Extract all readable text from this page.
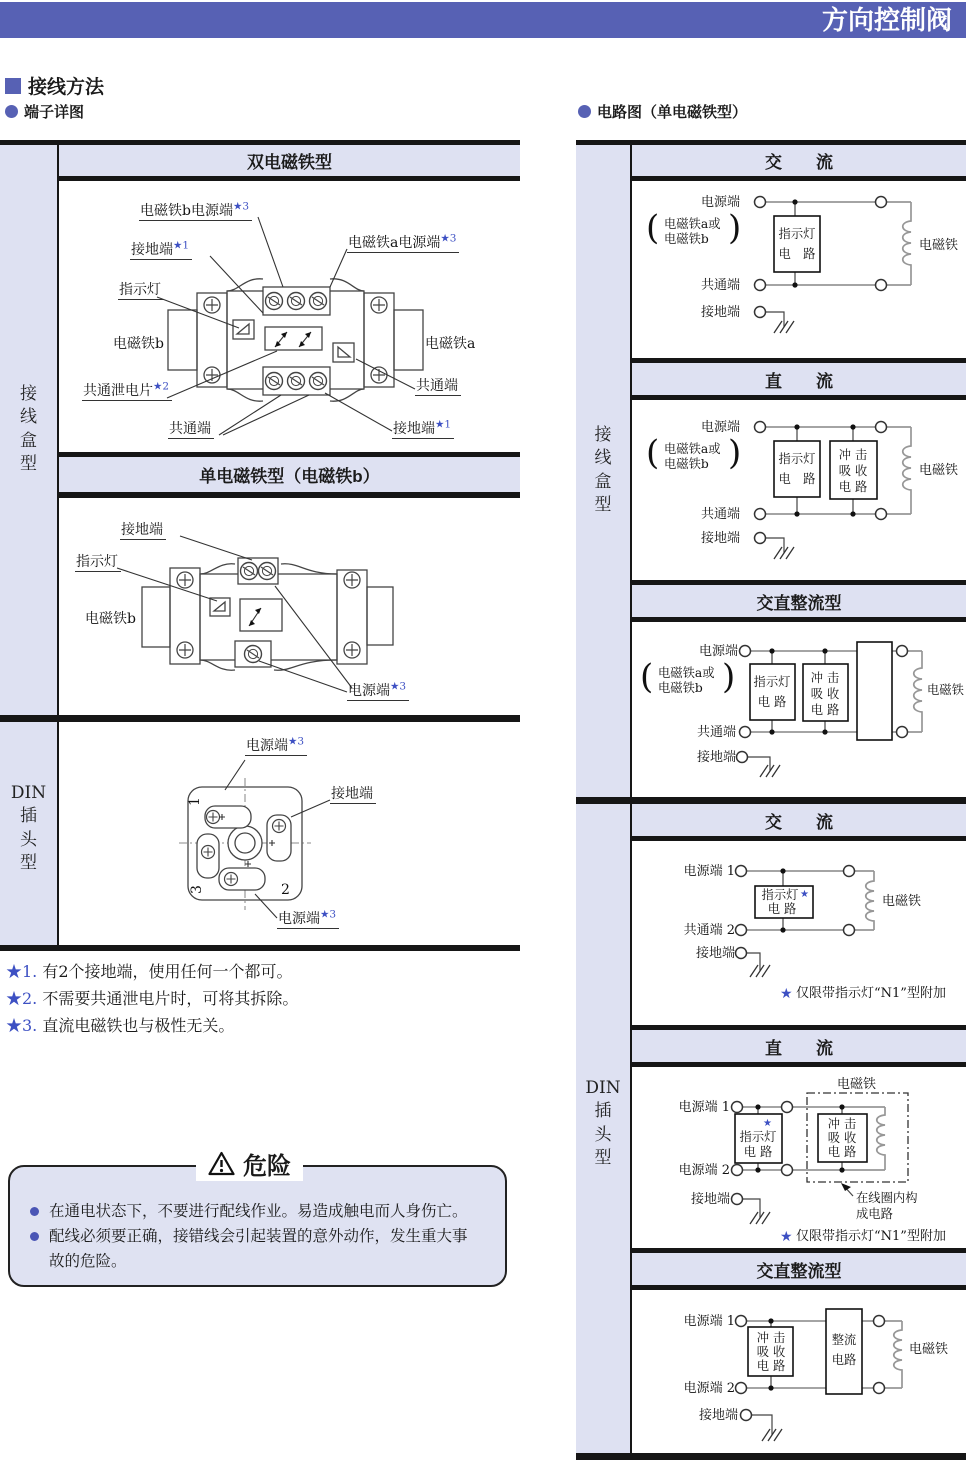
方向控制阀
接线方法
端子详图	电路图（单电磁铁型）
双电磁铁型
单电磁铁型（电磁铁b）
接
线
盒
型
DIN
插
头
型
电磁铁b电源端$^{★3}$
电磁铁a电源端$^{★3}$
接地端$^{★1}$
指示灯
电磁铁b	电磁铁a
共通泄电片$^{★2}$
共通端
共通端
接地端$^{★1}$
接地端
指示灯
电磁铁b
电源端$^{★3}$
1
3	2
电源端$^{★3}$
接地端
电源端$^{★3}$
★1. 有2个接地端，使用任何一个都可。
★2. 不需要共通泄电片时，可将其拆除。
★3. 直流电磁铁也与极性无关。
在通电状态下，不要进行配线作业。易造成触电而人身伤亡。
配线必须要正确，接错线会引起装置的意外动作，发生重大事故的危险。
危险
交　　流
直　　流
交直整流型
交　　流
直　　流
交直整流型
接
线
盒
型
DIN
插
头
型
电源端
( 电磁铁a或
电磁铁b )
共通端
接地端
指示灯
电　路
电磁铁
电源端
( 电磁铁a或
电磁铁b )
共通端
接地端
指示灯
电　路
冲 击
吸 收
电 路
电磁铁
电源端
( 电磁铁a或
电磁铁b )
共通端
接地端
指示灯
电 路
冲 击
吸 收
电 路
电磁铁
电源端 1
共通端 2
接地端
指示灯 ★
电 路	电磁铁
★ 仅限带指示灯“N1”型附加
电磁铁
电源端 1
电源端 2
接地端
★
指示灯
电 路
冲 击
吸 收
电 路
在线圈内构
成电路
★ 仅限带指示灯“N1”型附加
电源端 1
电源端 2
接地端
冲 击
吸 收
电 路
整流
电路
电磁铁
